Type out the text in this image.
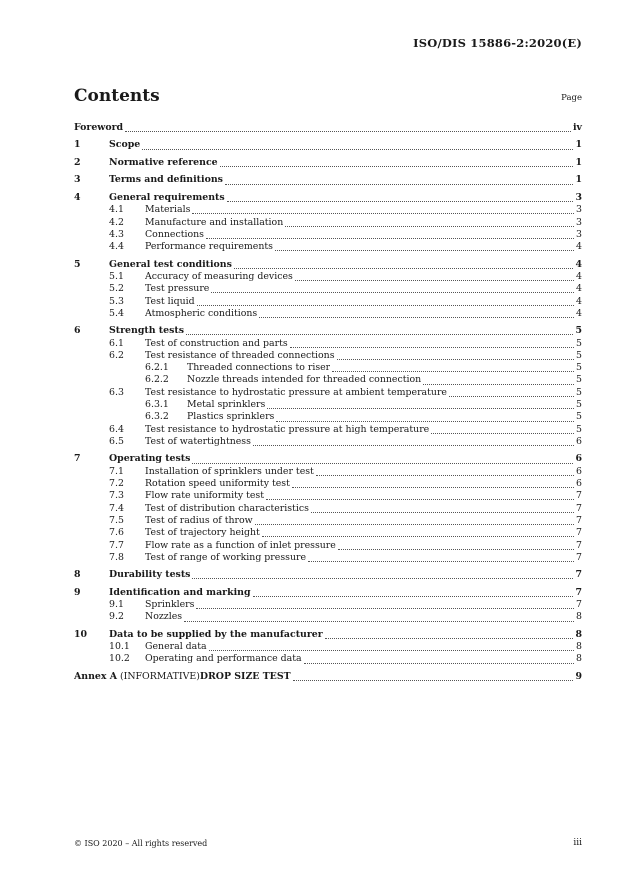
ISO/DIS 15886-2:2020(E)
Contents	Page
Foreword	iv
1	Scope	1
2	Normative reference	1
3	Terms and definitions	1
4	General requirements	3
4.1	Materials	3
4.2	Manufacture and installation	3
4.3	Connections	3
4.4	Performance requirements	4
5	General test conditions	4
5.1	Accuracy of measuring devices	4
5.2	Test pressure	4
5.3	Test liquid	4
5.4	Atmospheric conditions	4
6	Strength tests	5
6.1	Test of construction and parts	5
6.2	Test resistance of threaded connections	5
6.2.1	Threaded connections to riser	5
6.2.2	Nozzle threads intended for threaded connection	5
6.3	Test resistance to hydrostatic pressure at ambient temperature	5
6.3.1	Metal sprinklers	5
6.3.2	Plastics sprinklers	5
6.4	Test resistance to hydrostatic pressure at high temperature	5
6.5	Test of watertightness	6
7	Operating tests	6
7.1	Installation of sprinklers under test	6
7.2	Rotation speed uniformity test	6
7.3	Flow rate uniformity test	7
7.4	Test of distribution characteristics	7
7.5	Test of radius of throw	7
7.6	Test of trajectory height	7
7.7	Flow rate as a function of inlet pressure	7
7.8	Test of range of working pressure	7
8	Durability tests	7
9	Identification and marking	7
9.1	Sprinklers	7
9.2	Nozzles	8
10	Data to be supplied by the manufacturer	8
10.1	General data	8
10.2	Operating and performance data	8
Annex A (INFORMATIVE)DROP SIZE TEST	9
© ISO 2020 – All rights reserved	iii
